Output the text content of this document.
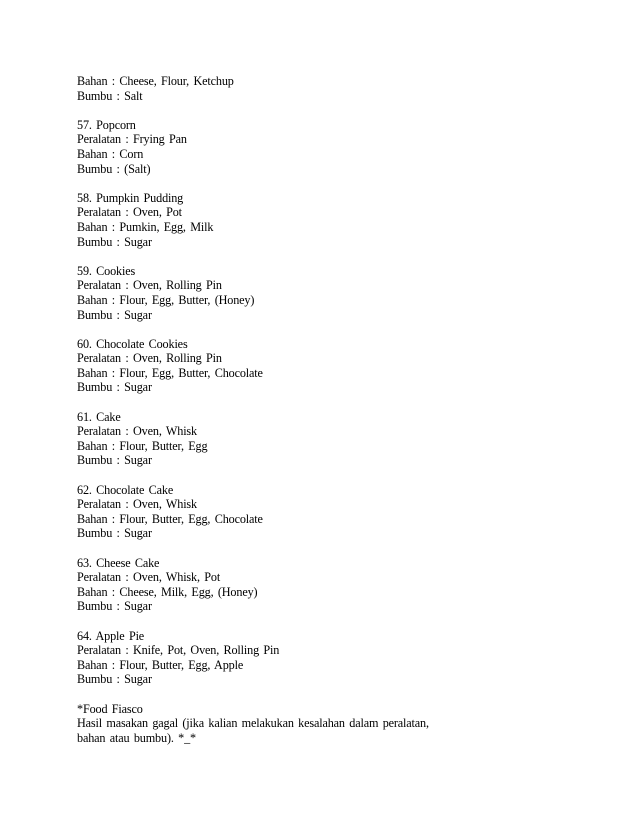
Bahan : Cheese, Flour, Ketchup
Bumbu : Salt
57. Popcorn
Peralatan : Frying Pan
Bahan : Corn
Bumbu : (Salt)
58. Pumpkin Pudding
Peralatan : Oven, Pot
Bahan : Pumkin, Egg, Milk
Bumbu : Sugar
59. Cookies
Peralatan : Oven, Rolling Pin
Bahan : Flour, Egg, Butter, (Honey)
Bumbu : Sugar
60. Chocolate Cookies
Peralatan : Oven, Rolling Pin
Bahan : Flour, Egg, Butter, Chocolate
Bumbu : Sugar
61. Cake
Peralatan : Oven, Whisk
Bahan : Flour, Butter, Egg
Bumbu : Sugar
62. Chocolate Cake
Peralatan : Oven, Whisk
Bahan : Flour, Butter, Egg, Chocolate
Bumbu : Sugar
63. Cheese Cake
Peralatan : Oven, Whisk, Pot
Bahan : Cheese, Milk, Egg, (Honey)
Bumbu : Sugar
64. Apple Pie
Peralatan : Knife, Pot, Oven, Rolling Pin
Bahan : Flour, Butter, Egg, Apple
Bumbu : Sugar
*Food Fiasco
Hasil masakan gagal (jika kalian melakukan kesalahan dalam peralatan,
bahan atau bumbu). *_*
